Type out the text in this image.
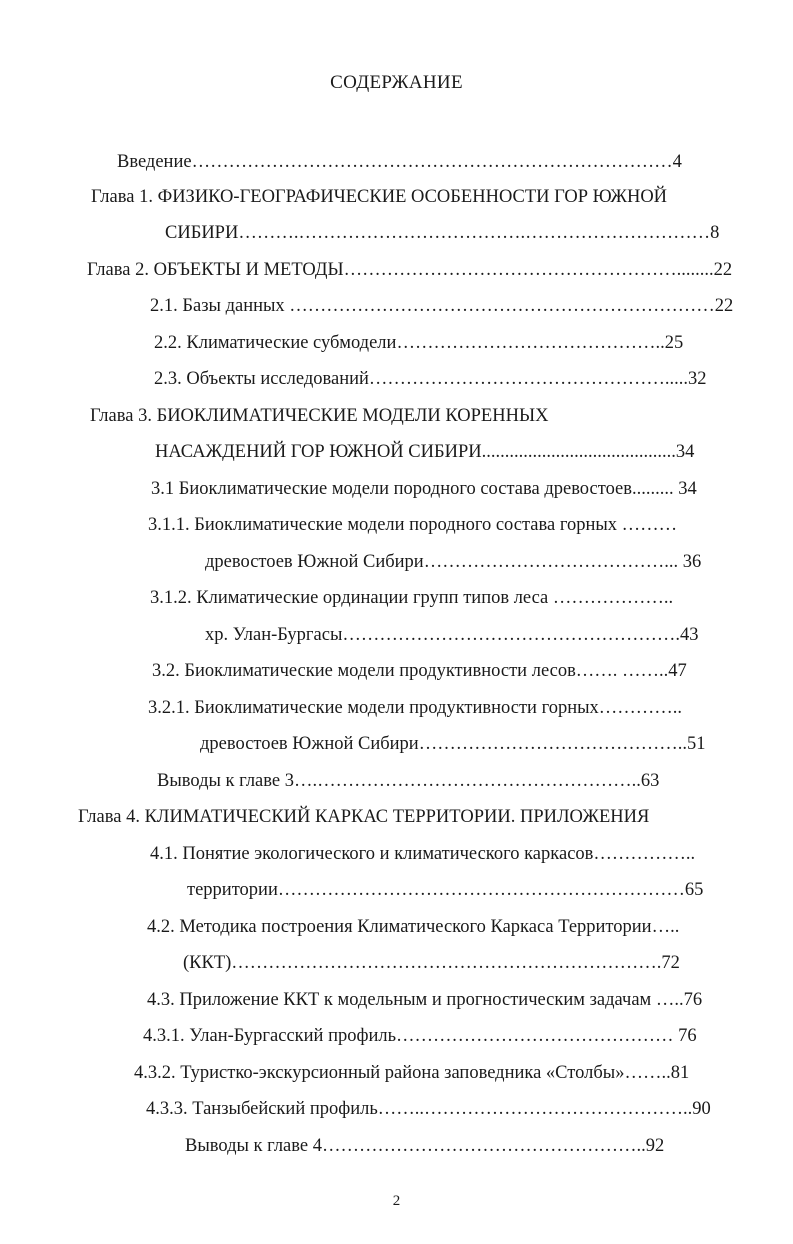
СОДЕРЖАНИЕ
Введение……………………………………………………………………4
Глава 1. ФИЗИКО-ГЕОГРАФИЧЕСКИЕ ОСОБЕННОСТИ ГОР ЮЖНОЙ
СИБИРИ……….……………………………….…………………………8
Глава 2. ОБЪЕКТЫ И МЕТОДЫ………………………………………………........22
2.1. Базы данных ……………………………………………………………22
2.2. Климатические субмодели……………………………………..25
2.3. Объекты исследований………………………………………….....32
Глава 3. БИОКЛИМАТИЧЕСКИЕ МОДЕЛИ КОРЕННЫХ
НАСАЖДЕНИЙ ГОР ЮЖНОЙ СИБИРИ..........................................34
3.1 Биоклиматические модели породного состава древостоев......... 34
3.1.1. Биоклиматические модели породного состава горных ………
древостоев Южной Сибири…………………………………... 36
3.1.2. Климатические ординации групп типов леса ………………..
хр. Улан-Бургасы……………………………………………….43
3.2. Биоклиматические модели продуктивности лесов……. ……..47
3.2.1. Биоклиматические модели продуктивности горных…………..
древостоев Южной Сибири……………………………………..51
Выводы к главе 3….……………………………………………..63
Глава 4. КЛИМАТИЧЕСКИЙ КАРКАС ТЕРРИТОРИИ. ПРИЛОЖЕНИЯ
4.1. Понятие экологического и климатического каркасов……………..
территории…………………………………………………………65
4.2. Методика построения Климатического Каркаса Территории…..
(ККТ)…………………………………………………………….72
4.3. Приложение ККТ к модельным и прогностическим задачам …..76
4.3.1. Улан-Бургасский профиль……………………………………… 76
4.3.2. Туристко-экскурсионный района заповедника «Столбы»……..81
4.3.3. Танзыбейский профиль……..……………………………………..90
Выводы к главе 4……………………………………………..92
2
